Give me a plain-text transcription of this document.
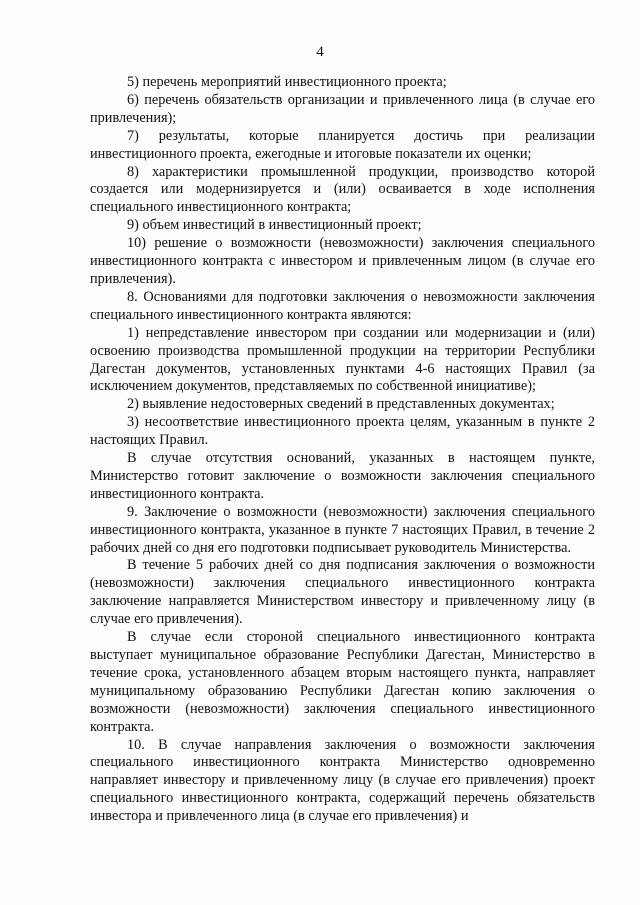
4

5) перечень мероприятий инвестиционного проекта;

6) перечень обязательств организации и привлеченного лица (в случае его привлечения);

7) результаты, которые планируется достичь при реализации инвестиционного проекта, ежегодные и итоговые показатели их оценки;

8) характеристики промышленной продукции, производство которой создается или модернизируется и (или) осваивается в ходе исполнения специального инвестиционного контракта;

9) объем инвестиций в инвестиционный проект;

10) решение о возможности (невозможности) заключения специального инвестиционного контракта с инвестором и привлеченным лицом (в случае его привлечения).

8. Основаниями для подготовки заключения о невозможности заключения специального инвестиционного контракта являются:

1) непредставление инвестором при создании или модернизации и (или) освоению производства промышленной продукции на территории Республики Дагестан документов, установленных пунктами 4-6 настоящих Правил (за исключением документов, представляемых по собственной инициативе);

2) выявление недостоверных сведений в представленных документах;

3) несоответствие инвестиционного проекта целям, указанным в пункте 2 настоящих Правил.

В случае отсутствия оснований, указанных в настоящем пункте, Министерство готовит заключение о возможности заключения специального инвестиционного контракта.

9. Заключение о возможности (невозможности) заключения специального инвестиционного контракта, указанное в пункте 7 настоящих Правил, в течение 2 рабочих дней со дня его подготовки подписывает руководитель Министерства.

В течение 5 рабочих дней со дня подписания заключения о возможности (невозможности) заключения специального инвестиционного контракта заключение направляется Министерством инвестору и привлеченному лицу (в случае его привлечения).

В случае если стороной специального инвестиционного контракта выступает муниципальное образование Республики Дагестан, Министерство в течение срока, установленного абзацем вторым настоящего пункта, направляет муниципальному образованию Республики Дагестан копию заключения о возможности (невозможности) заключения специального инвестиционного контракта.

10. В случае направления заключения о возможности заключения специального инвестиционного контракта Министерство одновременно направляет инвестору и привлеченному лицу (в случае его привлечения) проект специального инвестиционного контракта, содержащий перечень обязательств инвестора и привлеченного лица (в случае его привлечения) и
